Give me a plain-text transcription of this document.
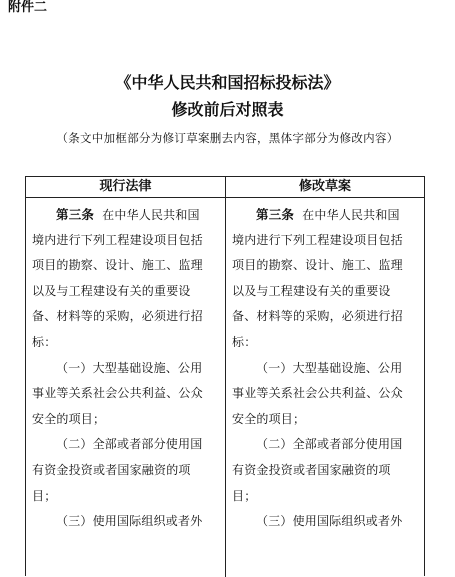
附件二
《中华人民共和国招标投标法》
修改前后对照表
（条文中加框部分为修订草案删去内容，黑体字部分为修改内容）
现行法律	修改草案
第三条 在中华人民共和国
境内进行下列工程建设项目包括
项目的勘察、设计、施工、监理
以及与工程建设有关的重要设
备、材料等的采购，必须进行招
标：
（一）大型基础设施、公用
事业等关系社会公共利益、公众
安全的项目；
（二）全部或者部分使用国
有资金投资或者国家融资的项
目；
（三）使用国际组织或者外
第三条 在中华人民共和国
境内进行下列工程建设项目包括
项目的勘察、设计、施工、监理
以及与工程建设有关的重要设
备、材料等的采购，必须进行招
标：
（一）大型基础设施、公用
事业等关系社会公共利益、公众
安全的项目；
（二）全部或者部分使用国
有资金投资或者国家融资的项
目；
（三）使用国际组织或者外
